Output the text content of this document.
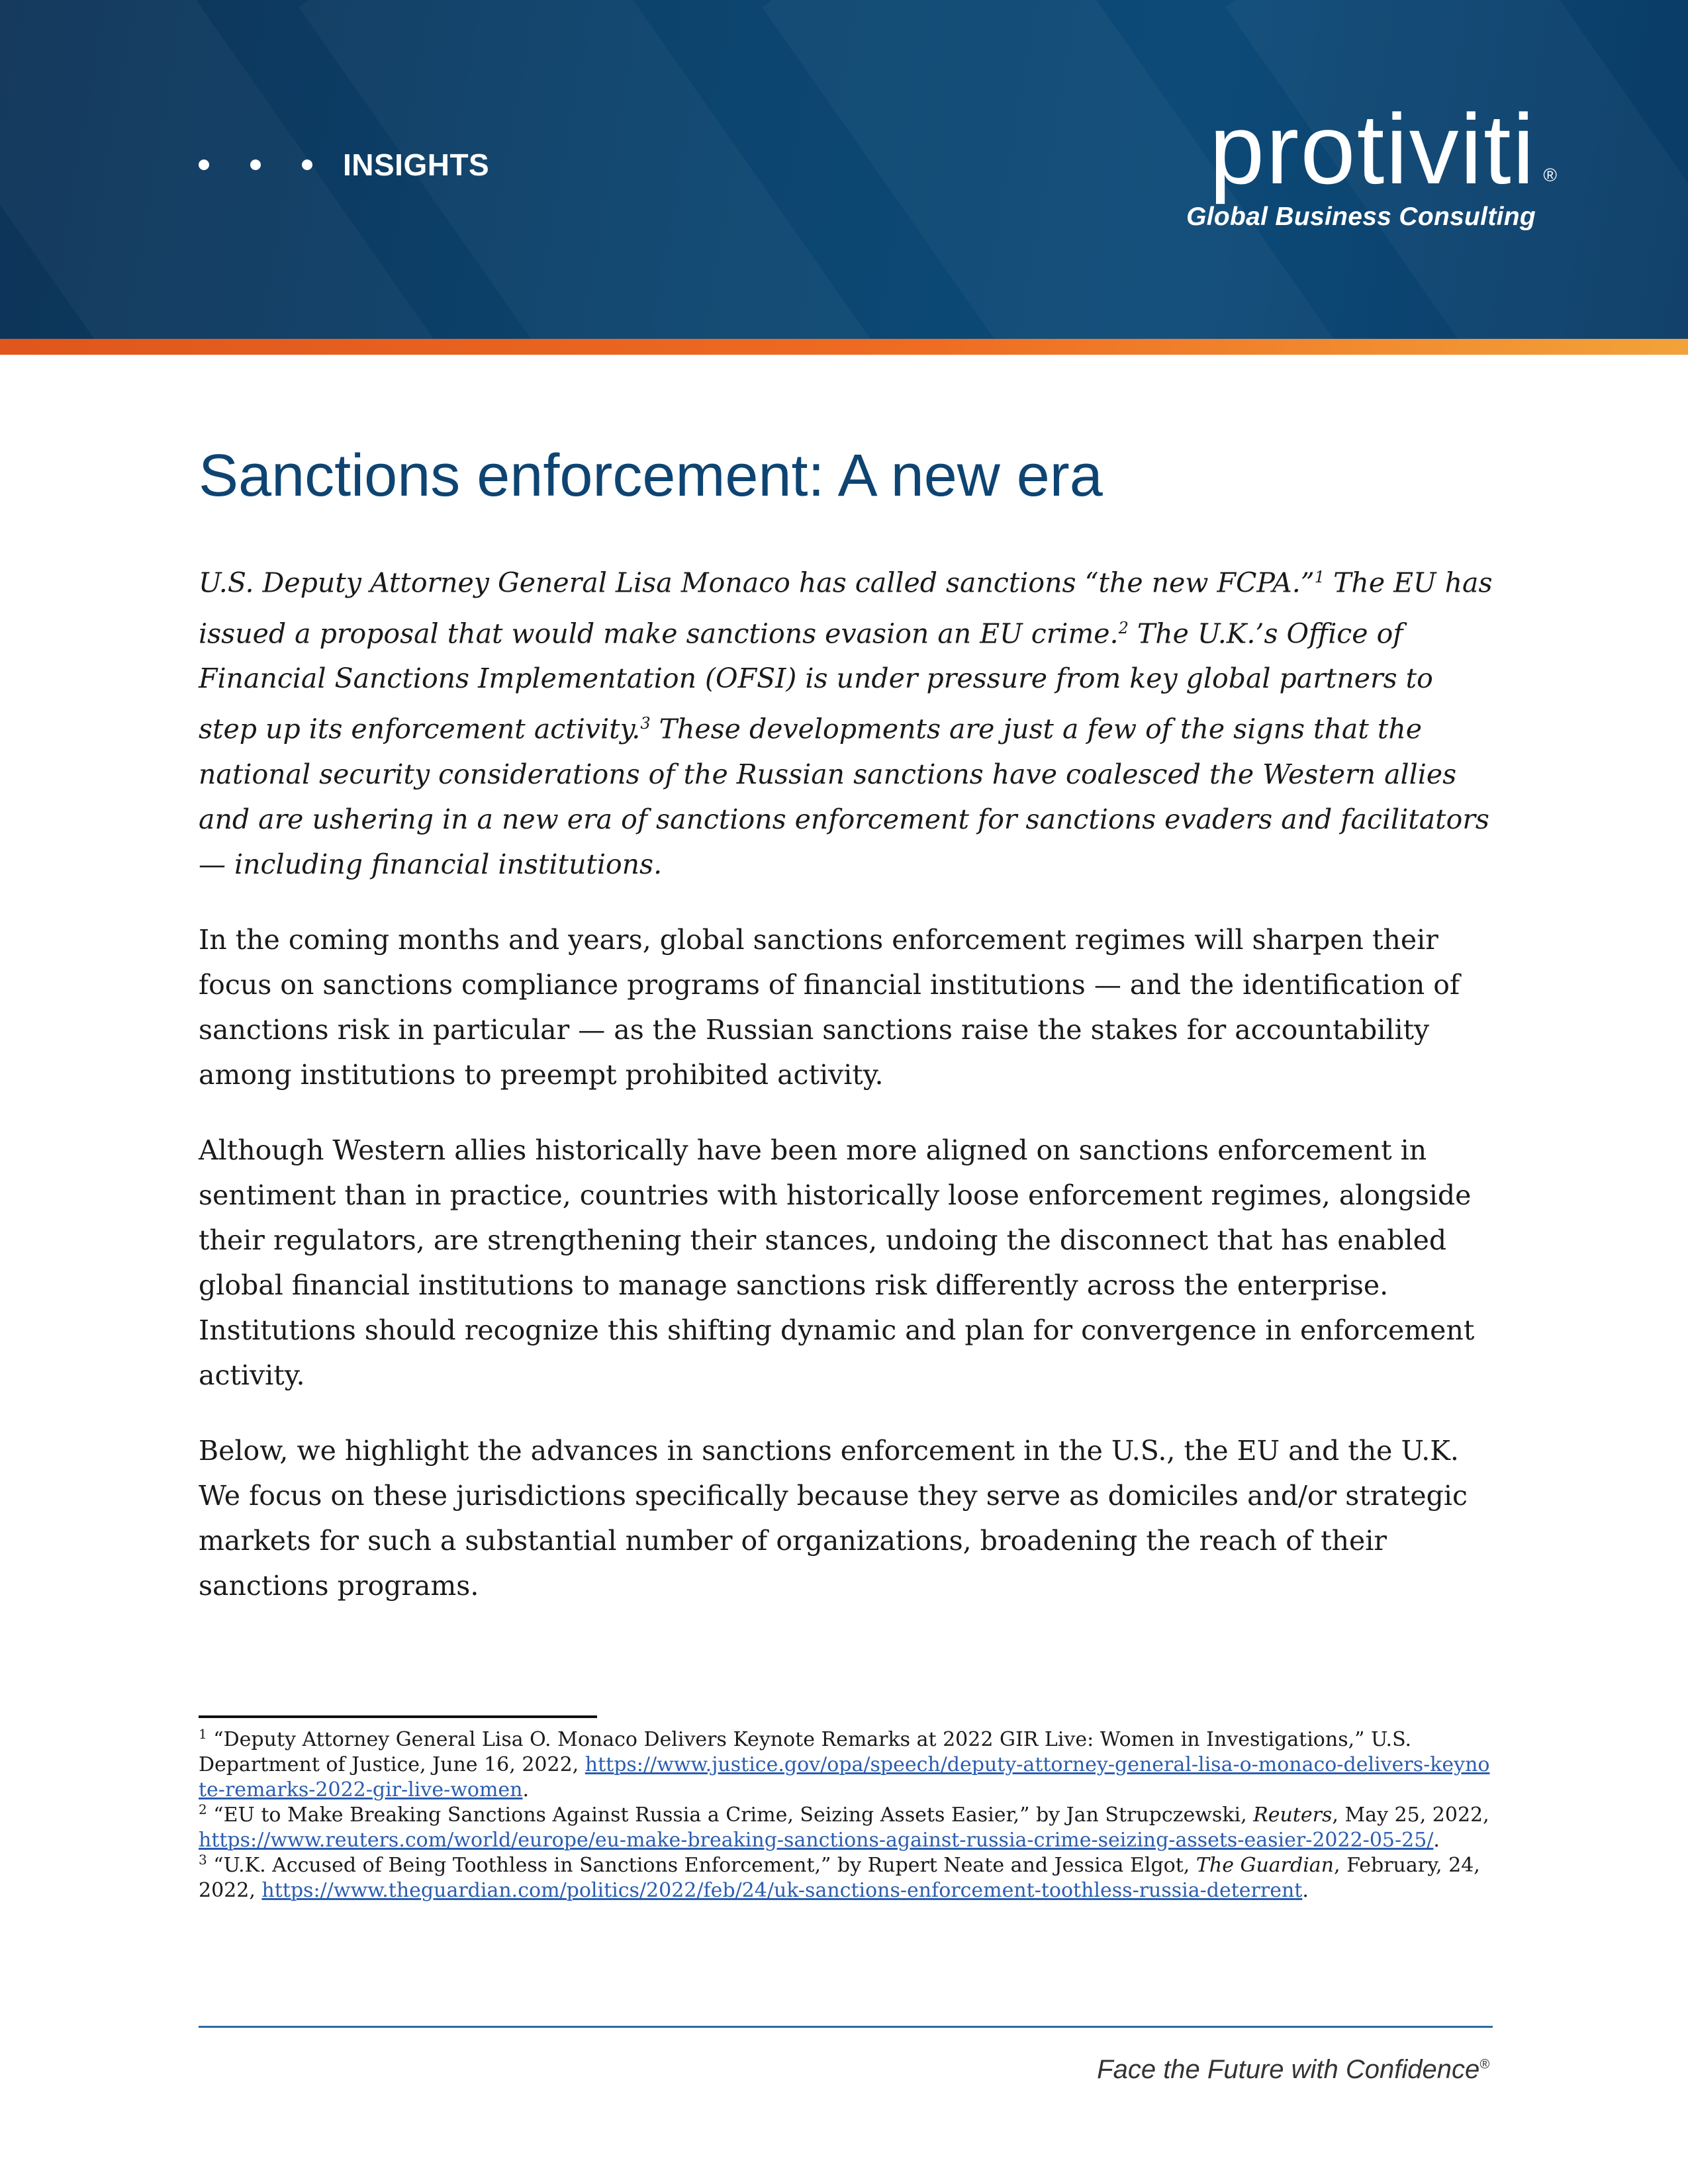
INSIGHTS	protiviti ®
Global Business Consulting
Sanctions enforcement: A new era

U.S. Deputy Attorney General Lisa Monaco has called sanctions “the new FCPA.”$^1$ The EU has issued a proposal that would make sanctions evasion an EU crime.$^2$ The U.K.’s Office of Financial Sanctions Implementation (OFSI) is under pressure from key global partners to step up its enforcement activity.$^3$ These developments are just a few of the signs that the national security considerations of the Russian sanctions have coalesced the Western allies and are ushering in a new era of sanctions enforcement for sanctions evaders and facilitators — including financial institutions.

In the coming months and years, global sanctions enforcement regimes will sharpen their focus on sanctions compliance programs of financial institutions — and the identification of sanctions risk in particular — as the Russian sanctions raise the stakes for accountability among institutions to preempt prohibited activity.

Although Western allies historically have been more aligned on sanctions enforcement in sentiment than in practice, countries with historically loose enforcement regimes, alongside their regulators, are strengthening their stances, undoing the disconnect that has enabled global financial institutions to manage sanctions risk differently across the enterprise. Institutions should recognize this shifting dynamic and plan for convergence in enforcement activity.

Below, we highlight the advances in sanctions enforcement in the U.S., the EU and the U.K. We focus on these jurisdictions specifically because they serve as domiciles and/or strategic markets for such a substantial number of organizations, broadening the reach of their sanctions programs.

$^1$ “Deputy Attorney General Lisa O. Monaco Delivers Keynote Remarks at 2022 GIR Live: Women in Investigations,” U.S. Department of Justice, June 16, 2022, https://www.justice.gov/opa/speech/deputy-attorney-general-lisa-o-monaco-delivers-keynote-remarks-2022-gir-live-women.

$^2$ “EU to Make Breaking Sanctions Against Russia a Crime, Seizing Assets Easier,” by Jan Strupczewski, Reuters, May 25, 2022, https://www.reuters.com/world/europe/eu-make-breaking-sanctions-against-russia-crime-seizing-assets-easier-2022-05-25/.

$^3$ “U.K. Accused of Being Toothless in Sanctions Enforcement,” by Rupert Neate and Jessica Elgot, The Guardian, February, 24, 2022, https://www.theguardian.com/politics/2022/feb/24/uk-sanctions-enforcement-toothless-russia-deterrent.

Face the Future with Confidence®
